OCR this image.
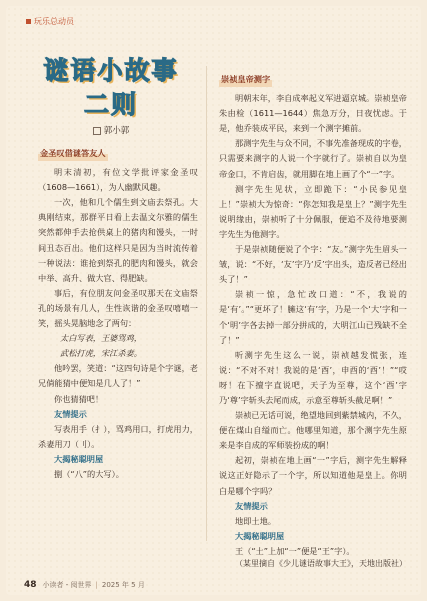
玩乐总动员
谜语小故事
二则
郭小郭
金圣叹借谜答友人

明末清初，有位文学批评家金圣叹（1608—1661），为人幽默风趣。

一次，他和几个儒生到文庙去祭孔。大典刚结束，那群平日看上去温文尔雅的儒生突然都伸手去抢供桌上的猪肉和馒头，一时间丑态百出。他们这样只是因为当时流传着一种说法：谁抢到祭孔的肥肉和馒头，就会中举、高升、做大官、得肥缺。

事后，有位朋友问金圣叹那天在文庙祭孔的场景有几人，生性诙谐的金圣叹嘻嘻一笑，摇头晃脑地念了两句：

太白写表，王婆骂鸡，

武松打虎，宋江杀妻。

他吟罢，笑道：“这四句诗是个字谜，老兄倘能猜中便知是几人了！”

你也猜猜吧！

友情提示

写表用手（扌），骂鸡用口，打虎用力，杀妻用刀（刂）。

大揭秘聪明屋

捌（“八”的大写）。

崇祯皇帝测字

明朝末年，李自成率起义军进逼京城。崇祯皇帝朱由检（1611—1644）焦急万分，日夜忧虑。于是，他乔装成平民，来到一个测字摊前。

那测字先生与众不同，不事先准备现成的字卷，只需要来测字的人说一个字就行了。崇祯自以为皇帝金口，不肯启齿，就用脚在地上画了个“一”字。

测字先生见状，立即跪下：“小民参见皇上！”崇祯大为惊奇：“你怎知我是皇上？”测字先生说明缘由，崇祯听了十分佩服，便追不及待地要测字先生为他测字。

于是崇祯随便说了个字：“友。”测字先生眉头一皱，说：“不好，‘友’字乃‘反’字出头，造反者已经出头了！”

崇祯一惊，急忙改口道：“不，我说的是‘有’。”“更坏了！臃这‘有’字，乃是一个‘大’字和一个‘明’字各去掉一部分拼成的，大明江山已残缺不全了！”

听测字先生这么一说，崇祯越发慌张，连说：“不对不对！我说的是‘酉’，申酉的‘酉’！”“哎呀！在下擅字直说吧，天子为至尊，这个‘酉’字乃‘尊’字斩头去尾而成，示意至尊斩头截足啊！”

崇祯已无话可说，绝望地回到紫禁城内，不久，便在煤山自缢而亡。他哪里知道，那个测字先生原来是李自成的军师装扮成的啊！

起初，崇祯在地上画“一”字后，测字先生解释说这正好隐示了一个字，所以知道他是皇上。你明白是哪个字吗？

友情提示

地即土地。

大揭秘聪明屋

王（“土”上加“一”便是“王”字）。

（某里摘自《少儿谜语故事大王》，天地出版社）
48 小读者・阅世界 | 2025 年 5 月
